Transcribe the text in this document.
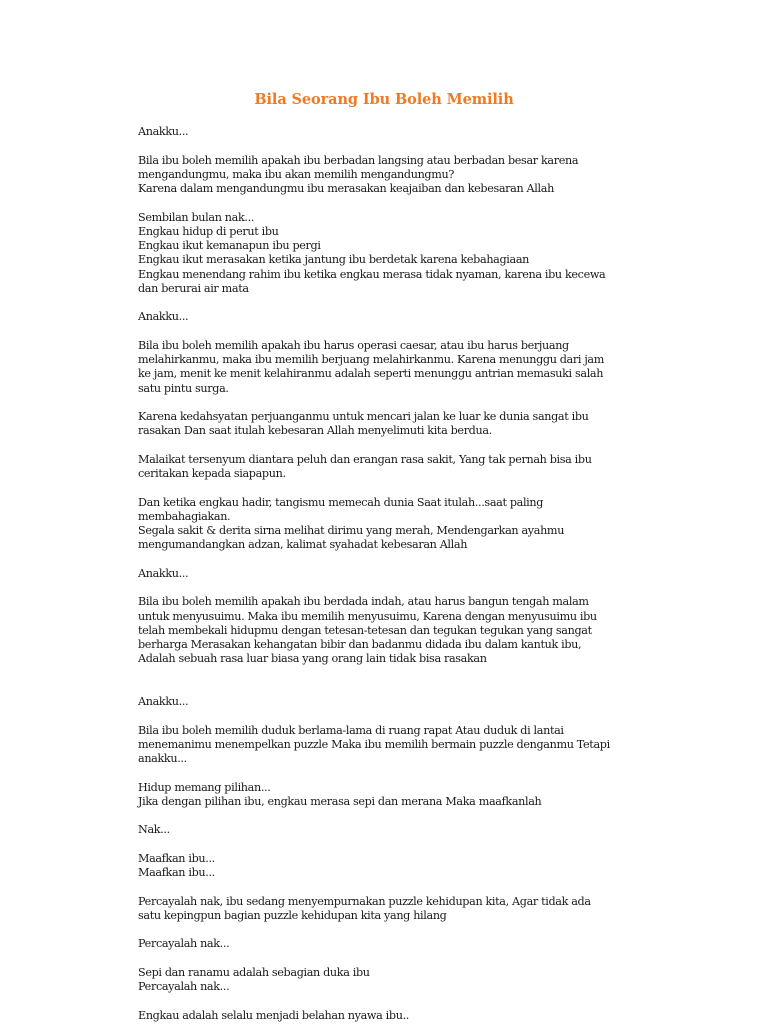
Bila Seorang Ibu Boleh Memilih

Anakku...

Bila ibu boleh memilih apakah ibu berbadan langsing atau berbadan besar karena
mengandungmu, maka ibu akan memilih mengandungmu?
Karena dalam mengandungmu ibu merasakan keajaiban dan kebesaran Allah

Sembilan bulan nak...
Engkau hidup di perut ibu
Engkau ikut kemanapun ibu pergi
Engkau ikut merasakan ketika jantung ibu berdetak karena kebahagiaan
Engkau menendang rahim ibu ketika engkau merasa tidak nyaman, karena ibu kecewa
dan berurai air mata

Anakku...

Bila ibu boleh memilih apakah ibu harus operasi caesar, atau ibu harus berjuang
melahirkanmu, maka ibu memilih berjuang melahirkanmu. Karena menunggu dari jam
ke jam, menit ke menit kelahiranmu adalah seperti menunggu antrian memasuki salah
satu pintu surga.

Karena kedahsyatan perjuanganmu untuk mencari jalan ke luar ke dunia sangat ibu
rasakan Dan saat itulah kebesaran Allah menyelimuti kita berdua.

Malaikat tersenyum diantara peluh dan erangan rasa sakit, Yang tak pernah bisa ibu
ceritakan kepada siapapun.

Dan ketika engkau hadir, tangismu memecah dunia Saat itulah...saat paling
membahagiakan.
Segala sakit & derita sirna melihat dirimu yang merah, Mendengarkan ayahmu
mengumandangkan adzan, kalimat syahadat kebesaran Allah

Anakku...

Bila ibu boleh memilih apakah ibu berdada indah, atau harus bangun tengah malam
untuk menyusuimu. Maka ibu memilih menyusuimu, Karena dengan menyusuimu ibu
telah membekali hidupmu dengan tetesan-tetesan dan tegukan tegukan yang sangat
berharga Merasakan kehangatan bibir dan badanmu didada ibu dalam kantuk ibu,
Adalah sebuah rasa luar biasa yang orang lain tidak bisa rasakan

Anakku...

Bila ibu boleh memilih duduk berlama-lama di ruang rapat Atau duduk di lantai
menemanimu menempelkan puzzle Maka ibu memilih bermain puzzle denganmu Tetapi
anakku...

Hidup memang pilihan...
Jika dengan pilihan ibu, engkau merasa sepi dan merana Maka maafkanlah

Nak...

Maafkan ibu...
Maafkan ibu...

Percayalah nak, ibu sedang menyempurnakan puzzle kehidupan kita, Agar tidak ada
satu kepingpun bagian puzzle kehidupan kita yang hilang

Percayalah nak...

Sepi dan ranamu adalah sebagian duka ibu
Percayalah nak...

Engkau adalah selalu menjadi belahan nyawa ibu..
